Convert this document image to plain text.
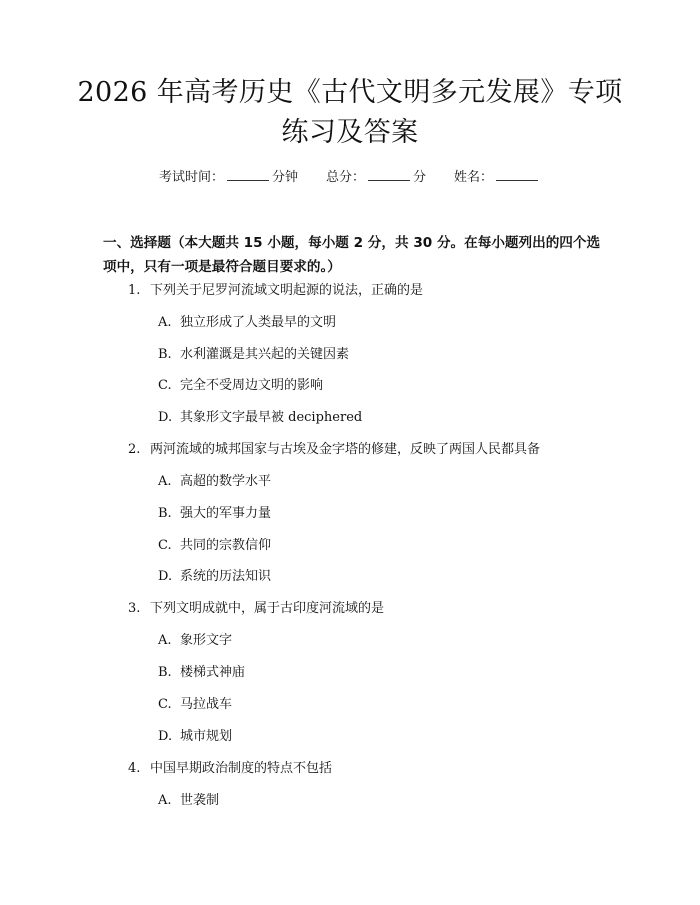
2026 年高考历史《古代文明多元发展》专项
练习及答案
考试时间：	分钟 总分：	分 姓名：
一、选择题（本大题共 15 小题，每小题 2 分，共 30 分。在每小题列出的四个选项中，只有一项是最符合题目要求的。）
1. 下列关于尼罗河流域文明起源的说法，正确的是
A. 独立形成了人类最早的文明
B. 水利灌溉是其兴起的关键因素
C. 完全不受周边文明的影响
D. 其象形文字最早被 deciphered
2. 两河流域的城邦国家与古埃及金字塔的修建，反映了两国人民都具备
A. 高超的数学水平
B. 强大的军事力量
C. 共同的宗教信仰
D. 系统的历法知识
3. 下列文明成就中，属于古印度河流域的是
A. 象形文字
B. 楼梯式神庙
C. 马拉战车
D. 城市规划
4. 中国早期政治制度的特点不包括
A. 世袭制
